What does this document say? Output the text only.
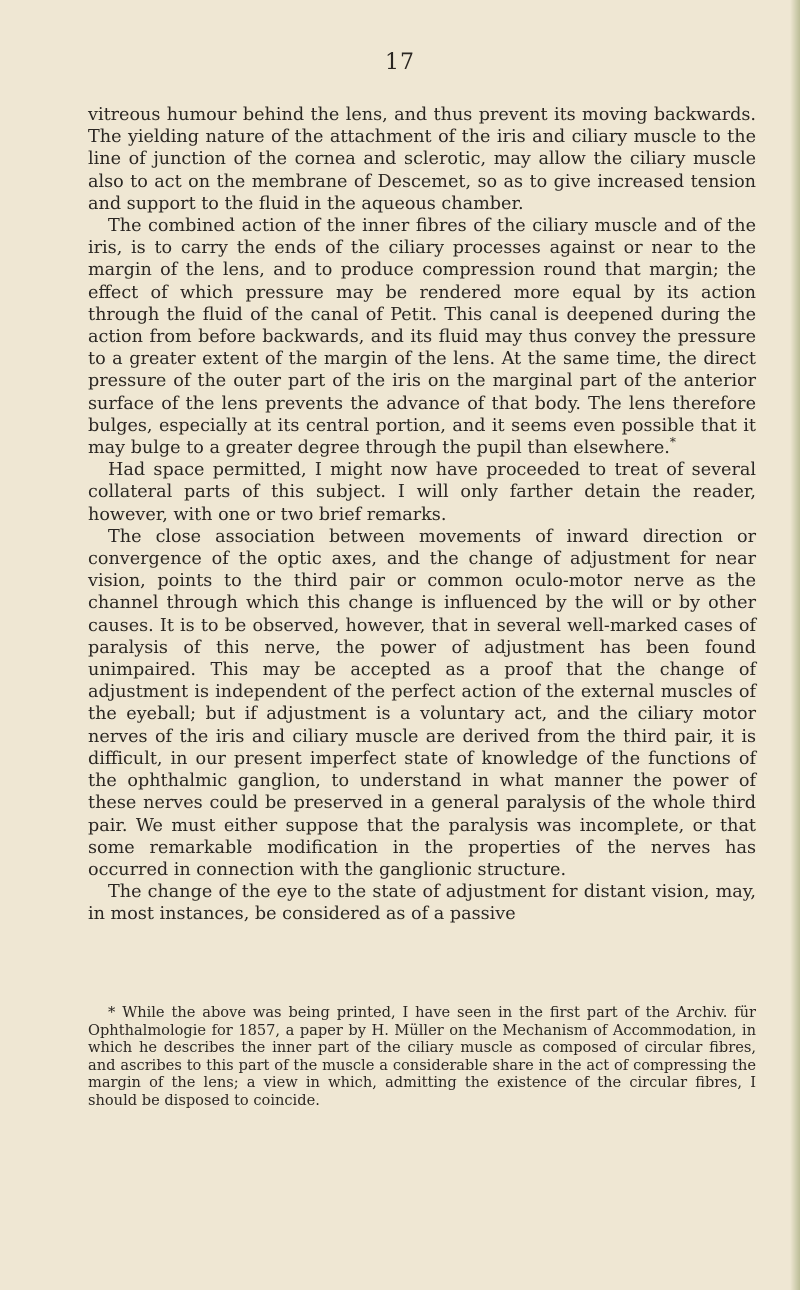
17

vitreous humour behind the lens, and thus prevent its moving backwards. The yielding nature of the attachment of the iris and ciliary muscle to the line of junction of the cornea and sclerotic, may allow the ciliary muscle also to act on the membrane of Descemet, so as to give increased tension and support to the fluid in the aqueous chamber.

The combined action of the inner fibres of the ciliary muscle and of the iris, is to carry the ends of the ciliary processes against or near to the margin of the lens, and to produce compression round that margin; the effect of which pressure may be rendered more equal by its action through the fluid of the canal of Petit. This canal is deepened during the action from before backwards, and its fluid may thus convey the pressure to a greater extent of the margin of the lens. At the same time, the direct pressure of the outer part of the iris on the marginal part of the anterior surface of the lens prevents the advance of that body. The lens therefore bulges, especially at its central portion, and it seems even possible that it may bulge to a greater degree through the pupil than elsewhere.*

Had space permitted, I might now have proceeded to treat of several collateral parts of this subject. I will only farther detain the reader, however, with one or two brief remarks.

The close association between movements of inward direction or convergence of the optic axes, and the change of adjustment for near vision, points to the third pair or common oculo-motor nerve as the channel through which this change is influenced by the will or by other causes. It is to be observed, however, that in several well-marked cases of paralysis of this nerve, the power of adjustment has been found unimpaired. This may be accepted as a proof that the change of adjustment is independent of the perfect action of the external muscles of the eyeball; but if adjustment is a voluntary act, and the ciliary motor nerves of the iris and ciliary muscle are derived from the third pair, it is difficult, in our present imperfect state of knowledge of the functions of the ophthalmic ganglion, to understand in what manner the power of these nerves could be preserved in a general paralysis of the whole third pair. We must either suppose that the paralysis was incomplete, or that some remarkable modification in the properties of the nerves has occurred in connection with the ganglionic structure.

The change of the eye to the state of adjustment for distant vision, may, in most instances, be considered as of a passive

* While the above was being printed, I have seen in the first part of the Archiv. für Ophthalmologie for 1857, a paper by H. Müller on the Mechanism of Accommodation, in which he describes the inner part of the ciliary muscle as composed of circular fibres, and ascribes to this part of the muscle a considerable share in the act of compressing the margin of the lens; a view in which, admitting the existence of the circular fibres, I should be disposed to coincide.
